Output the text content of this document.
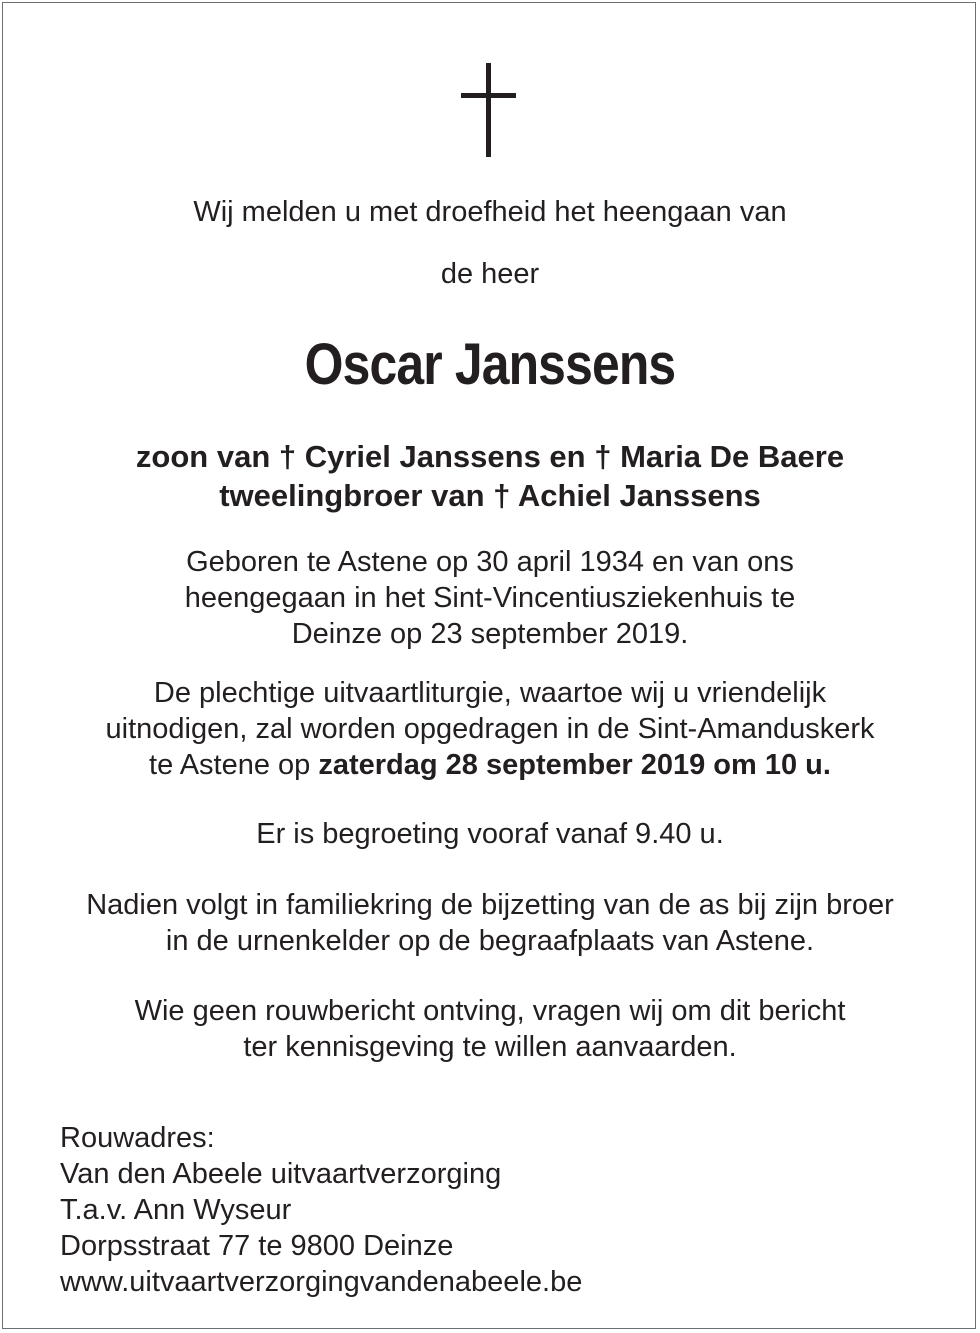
Wij melden u met droefheid het heengaan van
de heer
Oscar Janssens
zoon van † Cyriel Janssens en † Maria De Baere
tweelingbroer van † Achiel Janssens
Geboren te Astene op 30 april 1934 en van ons
heengegaan in het Sint-Vincentiusziekenhuis te
Deinze op 23 september 2019.
De plechtige uitvaartliturgie, waartoe wij u vriendelijk
uitnodigen, zal worden opgedragen in de Sint-Amanduskerk
te Astene op zaterdag 28 september 2019 om 10 u.
Er is begroeting vooraf vanaf 9.40 u.
Nadien volgt in familiekring de bijzetting van de as bij zijn broer
in de urnenkelder op de begraafplaats van Astene.
Wie geen rouwbericht ontving, vragen wij om dit bericht
ter kennisgeving te willen aanvaarden.
Rouwadres:
Van den Abeele uitvaartverzorging
T.a.v. Ann Wyseur
Dorpsstraat 77 te 9800 Deinze
www.uitvaartverzorgingvandenabeele.be
